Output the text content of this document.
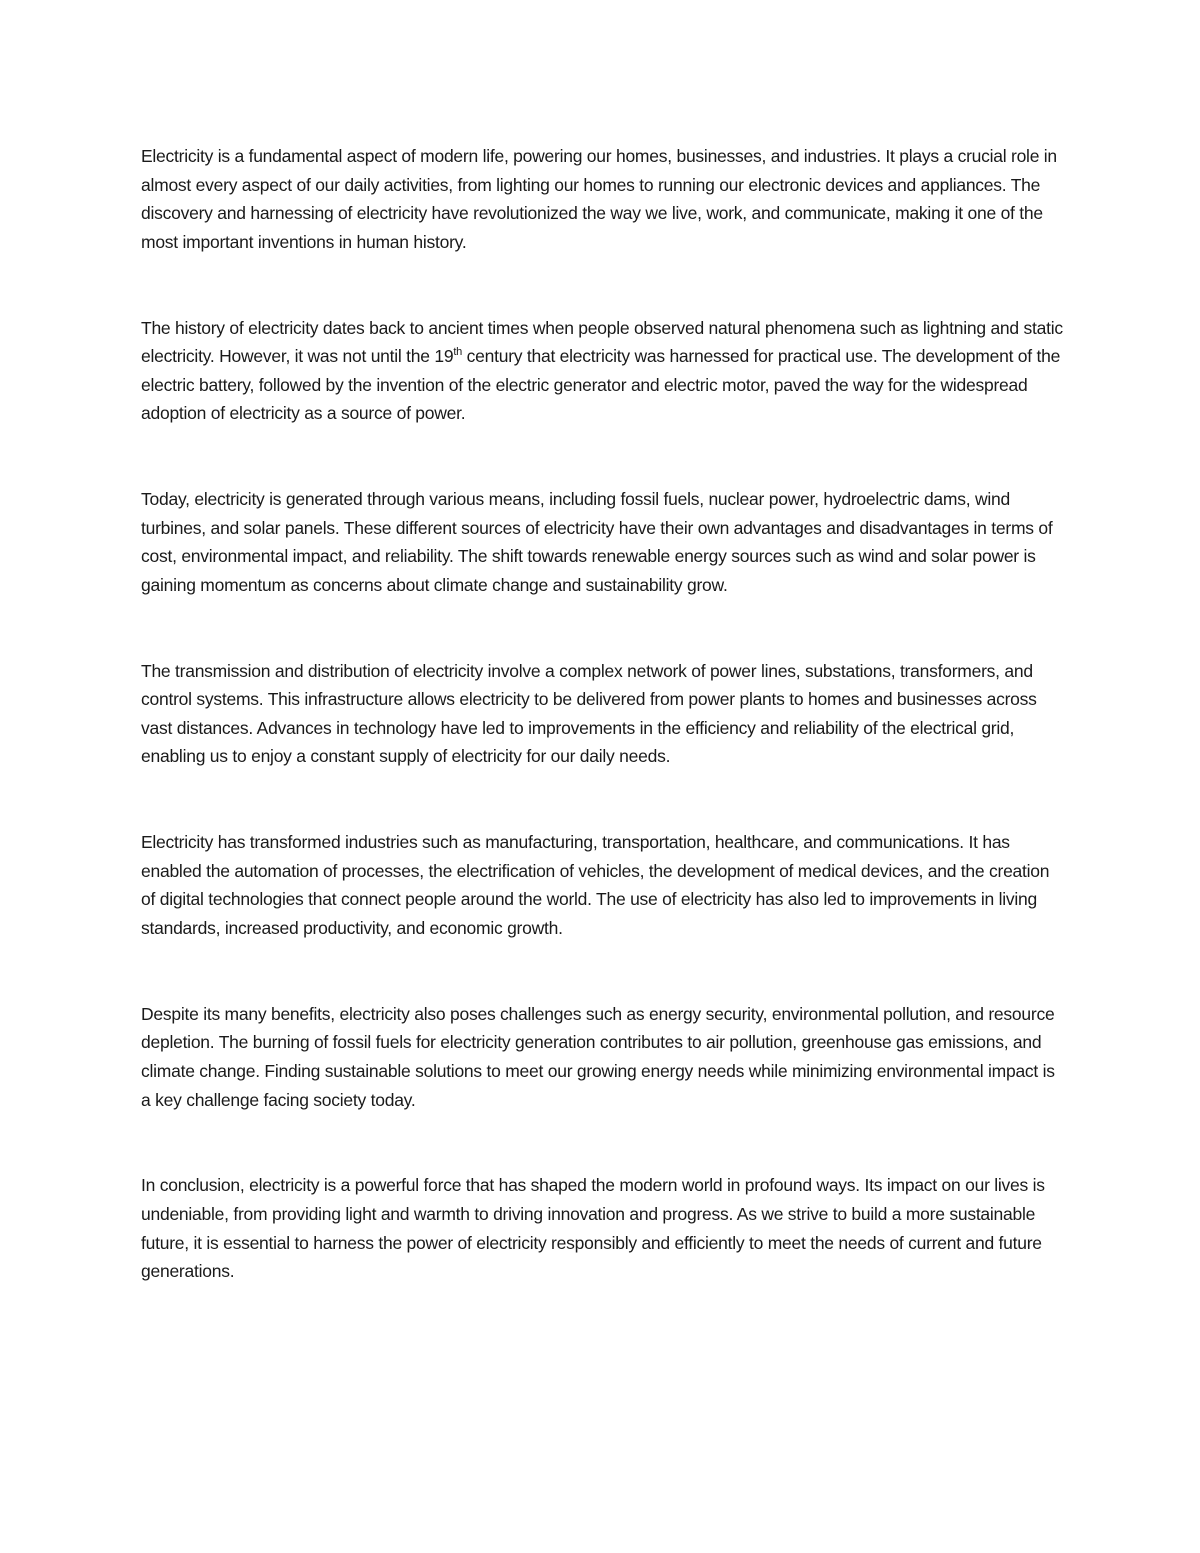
Electricity is a fundamental aspect of modern life, powering our homes, businesses, and industries. It plays a crucial role in almost every aspect of our daily activities, from lighting our homes to running our electronic devices and appliances. The discovery and harnessing of electricity have revolutionized the way we live, work, and communicate, making it one of the most important inventions in human history.

The history of electricity dates back to ancient times when people observed natural phenomena such as lightning and static electricity. However, it was not until the 19th century that electricity was harnessed for practical use. The development of the electric battery, followed by the invention of the electric generator and electric motor, paved the way for the widespread adoption of electricity as a source of power.

Today, electricity is generated through various means, including fossil fuels, nuclear power, hydroelectric dams, wind turbines, and solar panels. These different sources of electricity have their own advantages and disadvantages in terms of cost, environmental impact, and reliability. The shift towards renewable energy sources such as wind and solar power is gaining momentum as concerns about climate change and sustainability grow.

The transmission and distribution of electricity involve a complex network of power lines, substations, transformers, and control systems. This infrastructure allows electricity to be delivered from power plants to homes and businesses across vast distances. Advances in technology have led to improvements in the efficiency and reliability of the electrical grid, enabling us to enjoy a constant supply of electricity for our daily needs.

Electricity has transformed industries such as manufacturing, transportation, healthcare, and communications. It has enabled the automation of processes, the electrification of vehicles, the development of medical devices, and the creation of digital technologies that connect people around the world. The use of electricity has also led to improvements in living standards, increased productivity, and economic growth.

Despite its many benefits, electricity also poses challenges such as energy security, environmental pollution, and resource depletion. The burning of fossil fuels for electricity generation contributes to air pollution, greenhouse gas emissions, and climate change. Finding sustainable solutions to meet our growing energy needs while minimizing environmental impact is a key challenge facing society today.

In conclusion, electricity is a powerful force that has shaped the modern world in profound ways. Its impact on our lives is undeniable, from providing light and warmth to driving innovation and progress. As we strive to build a more sustainable future, it is essential to harness the power of electricity responsibly and efficiently to meet the needs of current and future generations.
